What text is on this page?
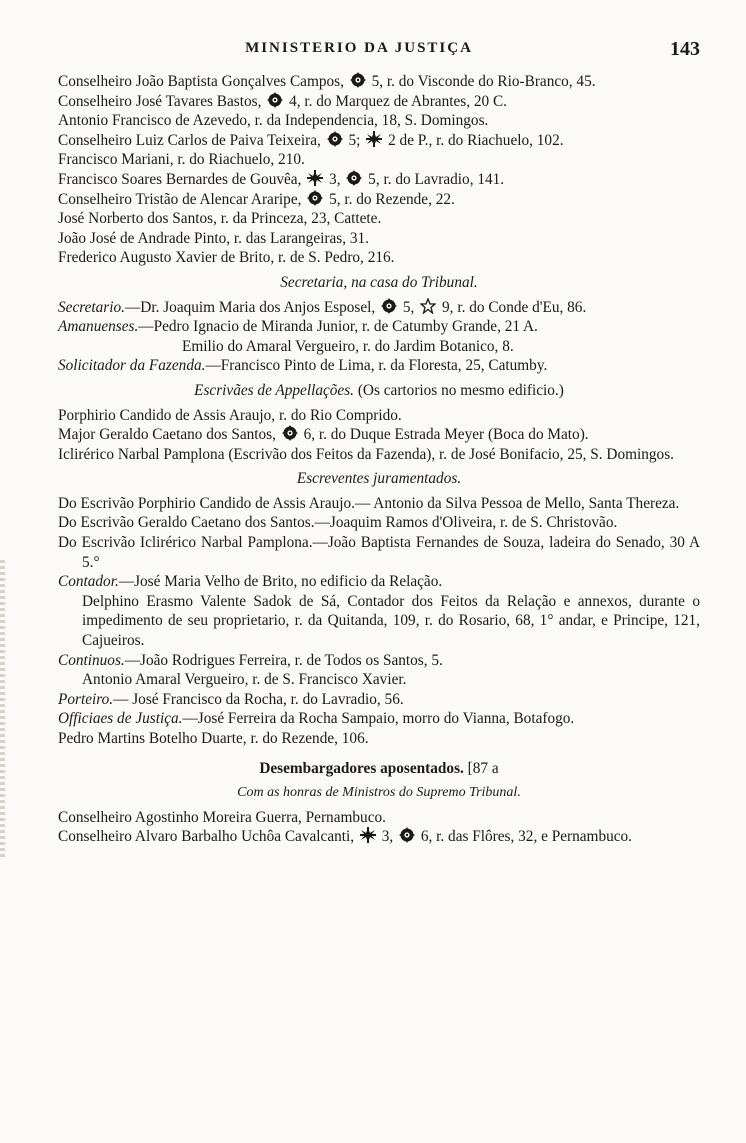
MINISTERIO DA JUSTIÇA	143

Conselheiro João Baptista Gonçalves Campos,
5, r. do Visconde do Rio-Branco, 45.

Conselheiro José Tavares Bastos,
4, r. do Marquez de Abrantes, 20 C.

Antonio Francisco de Azevedo, r. da Independencia, 18, S. Domingos.

Conselheiro Luiz Carlos de Paiva Teixeira,
5;
2 de P., r. do Riachuelo, 102.

Francisco Mariani, r. do Riachuelo, 210.

Francisco Soares Bernardes de Gouvêa,
3,
5, r. do Lavradio, 141.

Conselheiro Tristão de Alencar Araripe,
5, r. do Rezende, 22.

José Norberto dos Santos, r. da Princeza, 23, Cattete.

João José de Andrade Pinto, r. das Larangeiras, 31.

Frederico Augusto Xavier de Brito, r. de S. Pedro, 216.

Secretaria, na casa do Tribunal.

Secretario.—Dr. Joaquim Maria dos Anjos Esposel,
5,
9, r. do Conde d'Eu, 86.

Amanuenses.—Pedro Ignacio de Miranda Junior, r. de Catumby Grande, 21 A.

Emilio do Amaral Vergueiro, r. do Jardim Botanico, 8.

Solicitador da Fazenda.—Francisco Pinto de Lima, r. da Floresta, 25, Catumby.

Escrivães de Appellações. (Os cartorios no mesmo edificio.)

Porphirio Candido de Assis Araujo, r. do Rio Comprido.

Major Geraldo Caetano dos Santos,
6, r. do Duque Estrada Meyer (Boca do Mato).

Iclirérico Narbal Pamplona (Escrivão dos Feitos da Fazenda), r. de José Bonifacio, 25, S. Domingos.

Escreventes juramentados.

Do Escrivão Porphirio Candido de Assis Araujo.— Antonio da Silva Pessoa de Mello, Santa Thereza.

Do Escrivão Geraldo Caetano dos Santos.—Joaquim Ramos d'Oliveira, r. de S. Christovão.

Do Escrivão Iclirérico Narbal Pamplona.—João Baptista Fernandes de Souza, ladeira do Senado, 30 A 5.°

Contador.—José Maria Velho de Brito, no edificio da Relação.

Delphino Erasmo Valente Sadok de Sá, Contador dos Feitos da Relação e annexos, durante o impedimento de seu proprietario, r. da Quitanda, 109, r. do Rosario, 68, 1° andar, e Principe, 121, Cajueiros.

Continuos.—João Rodrigues Ferreira, r. de Todos os Santos, 5.

Antonio Amaral Vergueiro, r. de S. Francisco Xavier.

Porteiro.— José Francisco da Rocha, r. do Lavradio, 56.

Officiaes de Justiça.—José Ferreira da Rocha Sampaio, morro do Vianna, Botafogo.

Pedro Martins Botelho Duarte, r. do Rezende, 106.

Desembargadores aposentados. [87 a
Com as honras de Ministros do Supremo Tribunal.

Conselheiro Agostinho Moreira Guerra, Pernambuco.

Conselheiro Alvaro Barbalho Uchôa Cavalcanti,
3,
6, r. das Flôres, 32, e Pernambuco.
